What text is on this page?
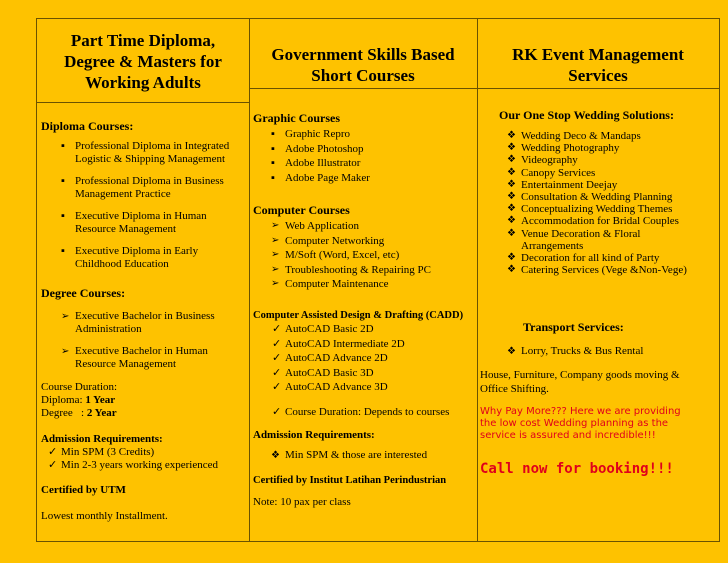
Part Time Diploma,
Degree & Masters for
Working Adults
Diploma Courses:
▪ Professional Diploma in Integrated
Logistic & Shipping Management
▪ Professional Diploma in Business
Management Practice
▪ Executive Diploma in Human
Resource Management
▪ Executive Diploma in Early
Childhood Education
Degree Courses:
➢ Executive Bachelor in Business
Administration
➢ Executive Bachelor in Human
Resource Management
Course Duration:
Diploma: 1 Year
Degree   : 2 Year
Admission Requirements:
✓ Min SPM (3 Credits)
✓ Min 2-3 years working experienced
Certified by UTM
Lowest monthly Installment.
Government Skills Based
Short Courses
Graphic Courses
▪ Graphic Repro
▪ Adobe Photoshop
▪ Adobe Illustrator
▪ Adobe Page Maker
Computer Courses
➢ Web Application
➢ Computer Networking
➢ M/Soft (Word, Excel, etc)
➢ Troubleshooting & Repairing PC
➢ Computer Maintenance
Computer Assisted Design & Drafting (CADD)
✓ AutoCAD Basic 2D
✓ AutoCAD Intermediate 2D
✓ AutoCAD Advance 2D
✓ AutoCAD Basic 3D
✓ AutoCAD Advance 3D
✓ Course Duration: Depends to courses
Admission Requirements:
❖ Min SPM & those are interested
Certified by Institut Latihan Perindustrian
Note: 10 pax per class
RK Event Management
Services
Our One Stop Wedding Solutions:
❖ Wedding Deco & Mandaps
❖ Wedding Photography
❖ Videography
❖ Canopy Services
❖ Entertainment Deejay
❖ Consultation & Wedding Planning
❖ Conceptualizing Wedding Themes
❖ Accommodation for Bridal Couples
❖ Venue Decoration & Floral
Arrangements
❖ Decoration for all kind of Party
❖ Catering Services (Vege &Non-Vege)
Transport Services:
❖ Lorry, Trucks & Bus Rental
House, Furniture, Company goods moving &
Office Shifting.
Why Pay More??? Here we are providing
the low cost Wedding planning as the
service is assured and incredible!!!
Call now for booking!!!
